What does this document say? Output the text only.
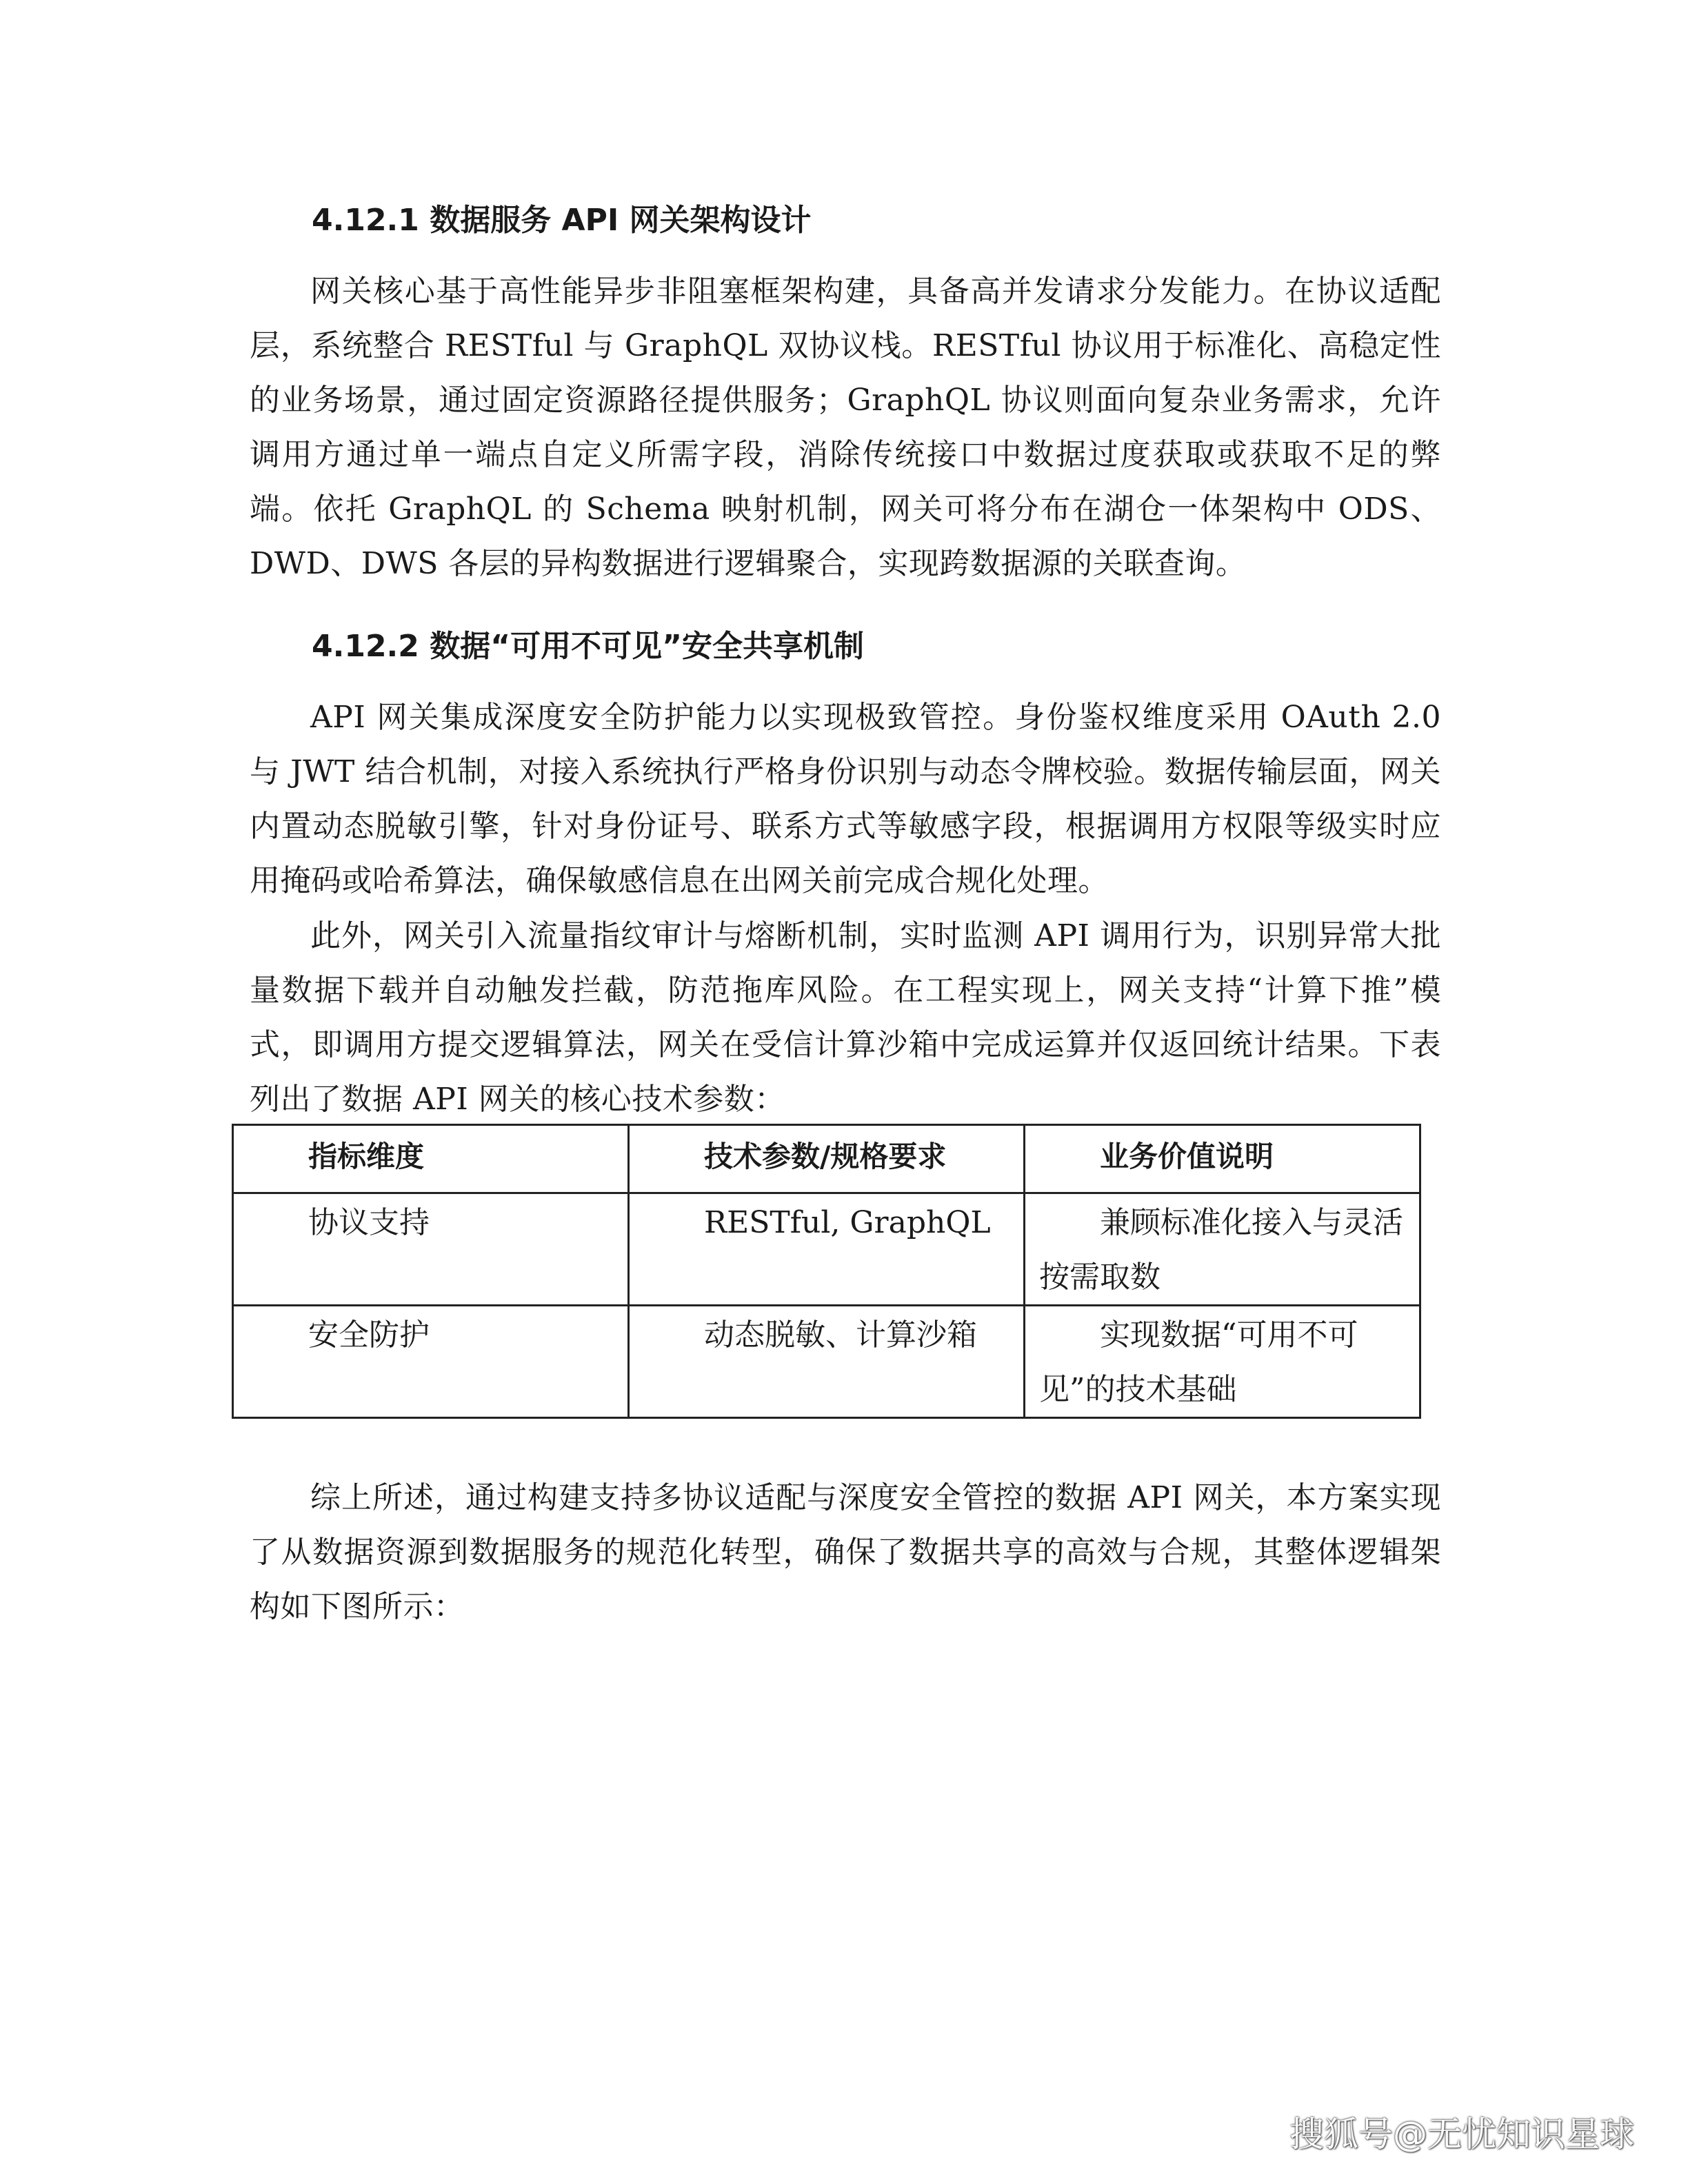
4.12.1 数据服务 API 网关架构设计

网关核心基于高性能异步非阻塞框架构建，具备高并发请求分发能力。在协议适配层，系统整合 RESTful 与 GraphQL 双协议栈。RESTful 协议用于标准化、高稳定性的业务场景，通过固定资源路径提供服务；GraphQL 协议则面向复杂业务需求，允许调用方通过单一端点自定义所需字段，消除传统接口中数据过度获取或获取不足的弊端。依托 GraphQL 的 Schema 映射机制，网关可将分布在湖仓一体架构中 ODS、DWD、DWS 各层的异构数据进行逻辑聚合，实现跨数据源的关联查询。

4.12.2 数据“可用不可见”安全共享机制

API 网关集成深度安全防护能力以实现极致管控。身份鉴权维度采用 OAuth 2.0 与 JWT 结合机制，对接入系统执行严格身份识别与动态令牌校验。数据传输层面，网关内置动态脱敏引擎，针对身份证号、联系方式等敏感字段，根据调用方权限等级实时应用掩码或哈希算法，确保敏感信息在出网关前完成合规化处理。

此外，网关引入流量指纹审计与熔断机制，实时监测 API 调用行为，识别异常大批量数据下载并自动触发拦截，防范拖库风险。在工程实现上，网关支持“计算下推”模式，即调用方提交逻辑算法，网关在受信计算沙箱中完成运算并仅返回统计结果。下表列出了数据 API 网关的核心技术参数：

指标维度	技术参数/规格要求	业务价值说明
协议支持	RESTful, GraphQL	兼顾标准化接入与灵活按需取数
安全防护	动态脱敏、计算沙箱	实现数据“可用不可见”的技术基础

综上所述，通过构建支持多协议适配与深度安全管控的数据 API 网关，本方案实现了从数据资源到数据服务的规范化转型，确保了数据共享的高效与合规，其整体逻辑架构如下图所示：

搜狐号@无忧知识星球
